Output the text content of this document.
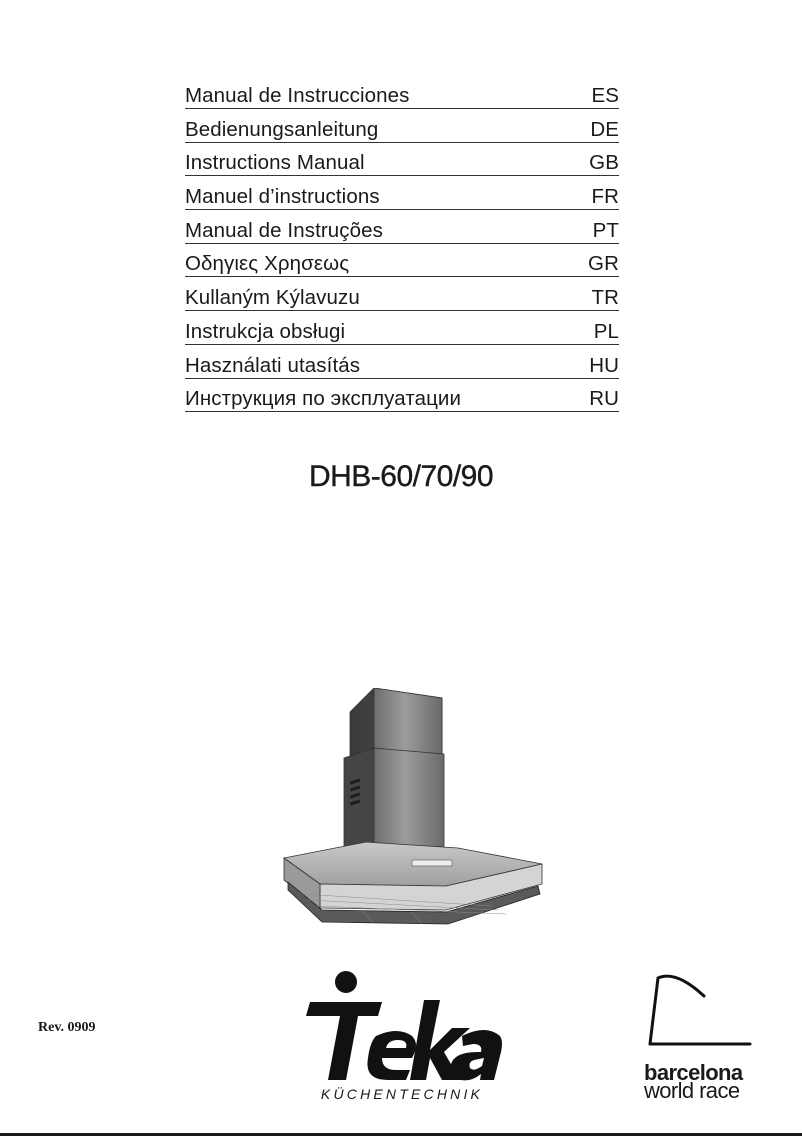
Manual de Instrucciones	ES
Bedienungsanleitung	DE
Instructions Manual	GB
Manuel d’instructions	FR
Manual de Instruções	PT
Οδηγιες Χρησεως	GR
Kullaným Kýlavuzu	TR
Instrukcja obsługi	PL
Használati utasítás	HU
Инструкция по эксплуатации	RU
DHB-60/70/90
Rev. 0909
KÜCHENTECHNIK
barcelona
world race
